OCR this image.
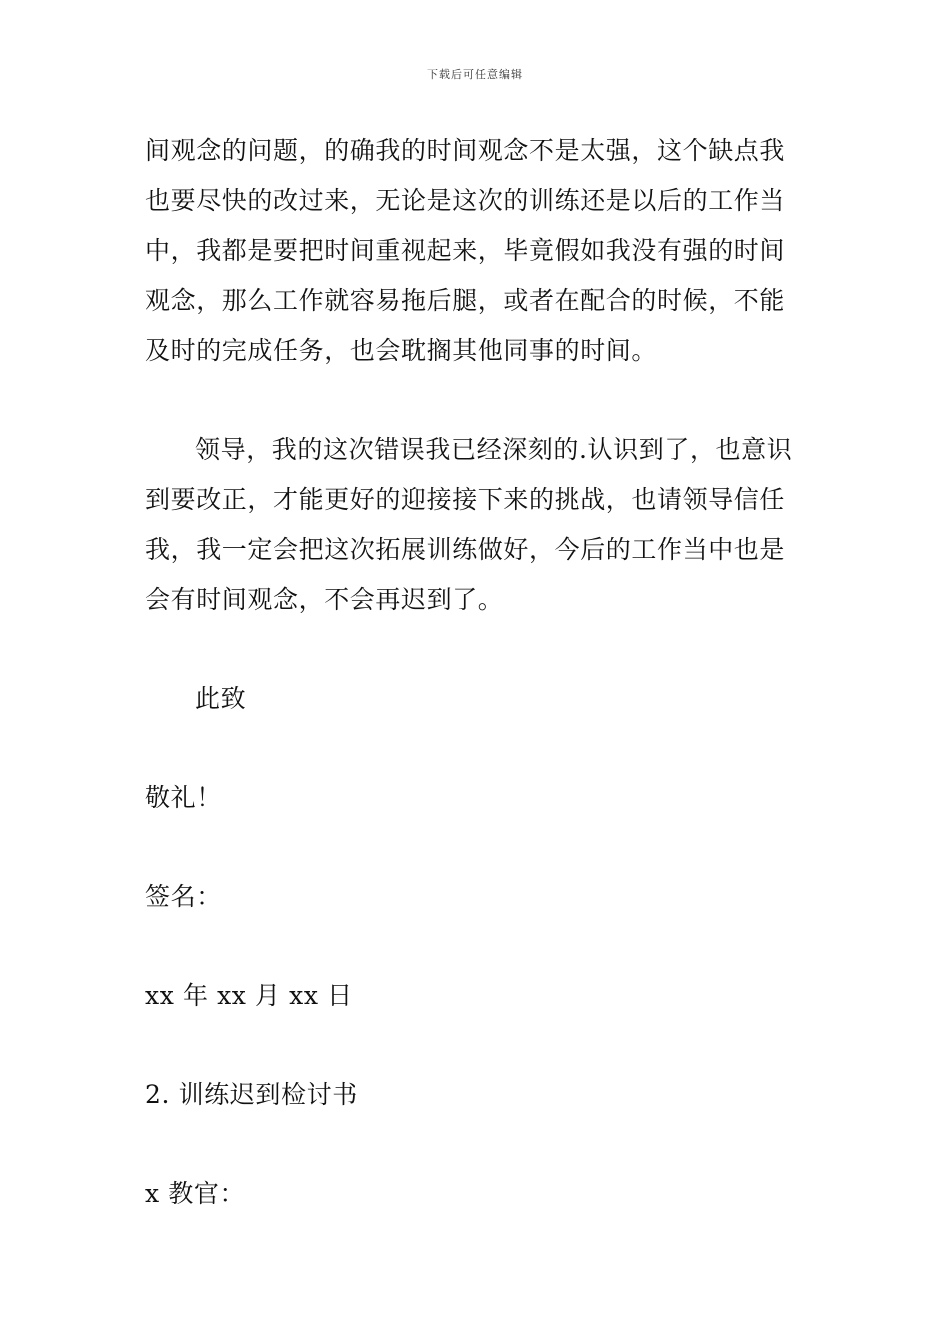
下载后可任意编辑
间观念的问题，的确我的时间观念不是太强，这个缺点我
也要尽快的改过来，无论是这次的训练还是以后的工作当
中，我都是要把时间重视起来，毕竟假如我没有强的时间
观念，那么工作就容易拖后腿，或者在配合的时候，不能
及时的完成任务，也会耽搁其他同事的时间。
领导，我的这次错误我已经深刻的.认识到了，也意识
到要改正，才能更好的迎接接下来的挑战，也请领导信任
我，我一定会把这次拓展训练做好，今后的工作当中也是
会有时间观念，不会再迟到了。

此致

敬礼！

签名：

xx 年 xx 月 xx 日

2. 训练迟到检讨书

x 教官：
